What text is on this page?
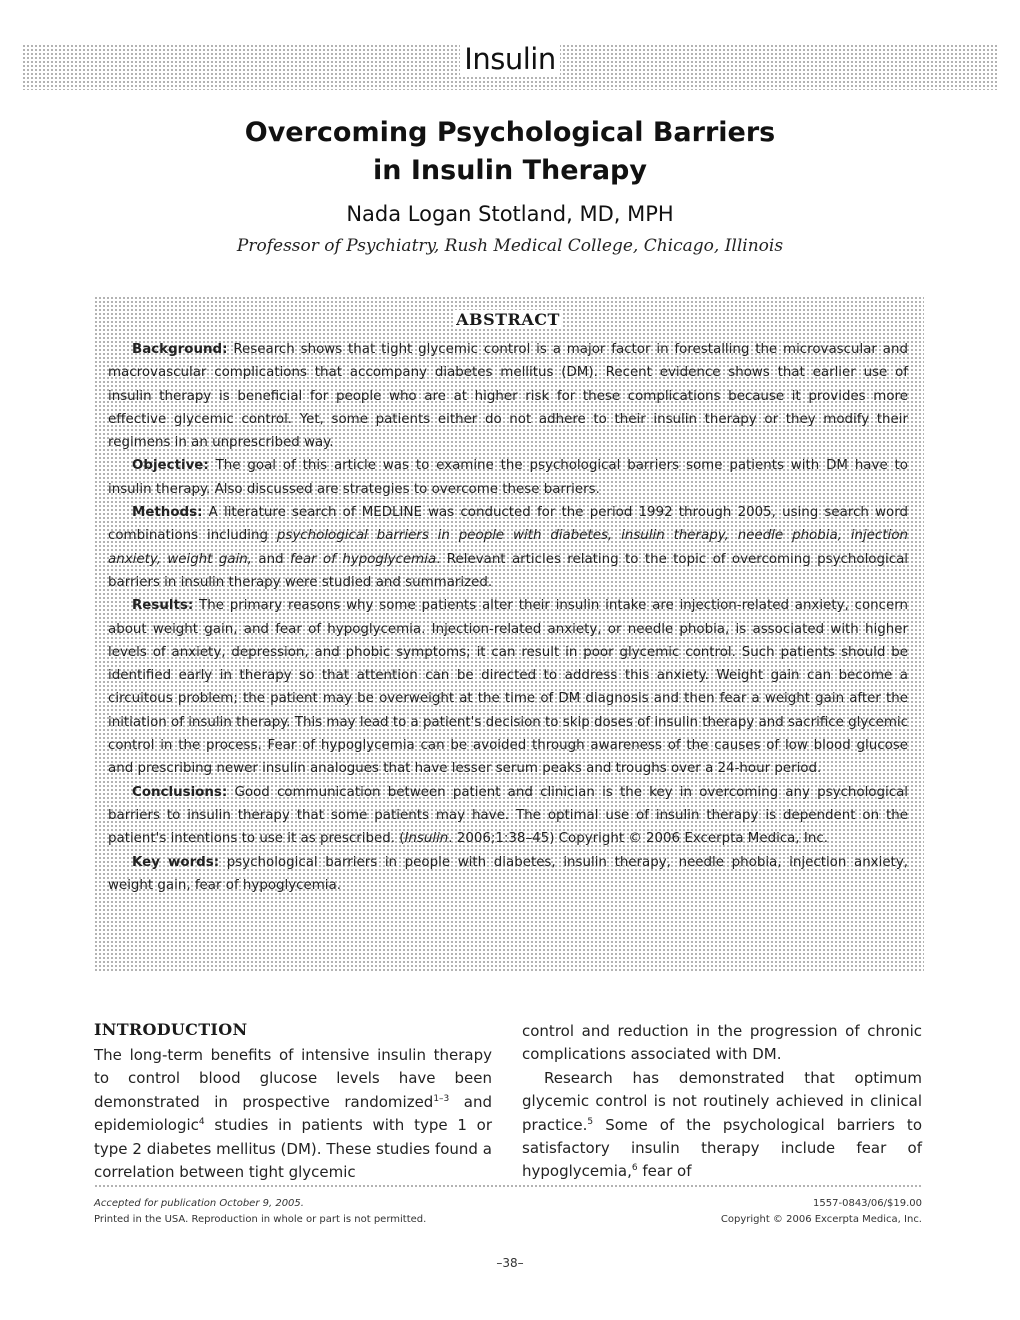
Insulin
Overcoming Psychological Barriers
in Insulin Therapy
Nada Logan Stotland, MD, MPH
Professor of Psychiatry, Rush Medical College, Chicago, Illinois
ABSTRACT

Background: Research shows that tight glycemic control is a major factor in forestalling the microvascular and macrovascular complications that accompany diabetes mellitus (DM). Recent evidence shows that earlier use of insulin therapy is beneficial for people who are at higher risk for these complications because it provides more effective glycemic control. Yet, some patients either do not adhere to their insulin therapy or they modify their regimens in an unprescribed way.

Objective: The goal of this article was to examine the psychological barriers some patients with DM have to insulin therapy. Also discussed are strategies to overcome these barriers.

Methods: A literature search of MEDLINE was conducted for the period 1992 through 2005, using search word combinations including psychological barriers in people with diabetes, insulin therapy, needle phobia, injection anxiety, weight gain, and fear of hypoglycemia. Relevant articles relating to the topic of overcoming psychological barriers in insulin therapy were studied and summarized.

Results: The primary reasons why some patients alter their insulin intake are injection-related anxiety, concern about weight gain, and fear of hypoglycemia. Injection-related anxiety, or needle phobia, is associated with higher levels of anxiety, depression, and phobic symptoms; it can result in poor glycemic control. Such patients should be identified early in therapy so that attention can be directed to address this anxiety. Weight gain can become a circuitous problem; the patient may be overweight at the time of DM diagnosis and then fear a weight gain after the initiation of insulin therapy. This may lead to a patient's decision to skip doses of insulin therapy and sacrifice glycemic control in the process. Fear of hypoglycemia can be avoided through awareness of the causes of low blood glucose and prescribing newer insulin analogues that have lesser serum peaks and troughs over a 24-hour period.

Conclusions: Good communication between patient and clinician is the key in overcoming any psychological barriers to insulin therapy that some patients may have. The optimal use of insulin therapy is dependent on the patient's intentions to use it as prescribed. (Insulin. 2006;1:38–45) Copyright © 2006 Excerpta Medica, Inc.

Key words: psychological barriers in people with diabetes, insulin therapy, needle phobia, injection anxiety, weight gain, fear of hypoglycemia.

INTRODUCTION

The long-term benefits of intensive insulin therapy to control blood glucose levels have been demonstrated in prospective randomized$^{1-3}$ and epidemiologic$^4$ studies in patients with type 1 or type 2 diabetes mellitus (DM). These studies found a correlation between tight glycemic

control and reduction in the progression of chronic complications associated with DM.

Research has demonstrated that optimum glycemic control is not routinely achieved in clinical practice.$^5$ Some of the psychological barriers to satisfactory insulin therapy include fear of hypoglycemia,$^6$ fear of

Accepted for publication October 9, 2005.
Printed in the USA. Reproduction in whole or part is not permitted.
1557-0843/06/$19.00
Copyright © 2006 Excerpta Medica, Inc.
–38–
